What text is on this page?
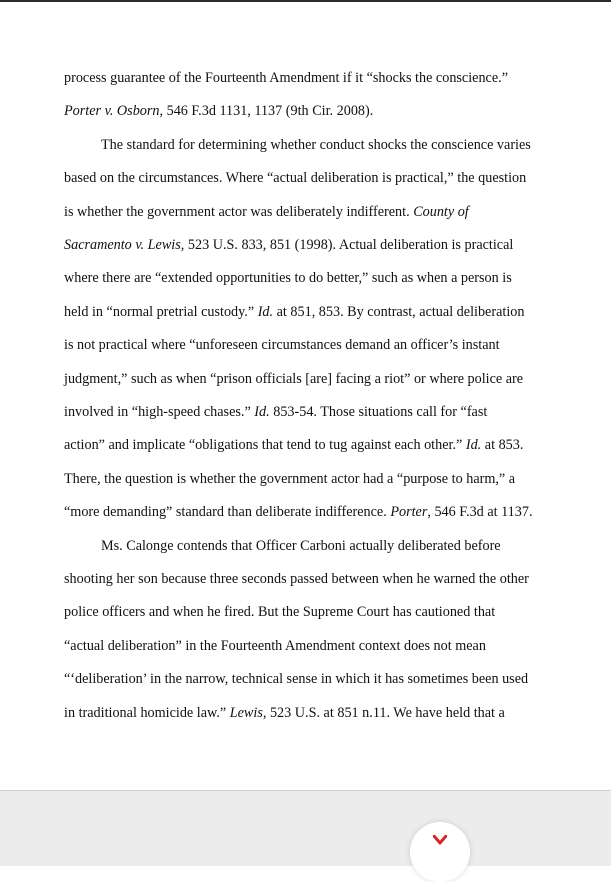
process guarantee of the Fourteenth Amendment if it “shocks the conscience.”

Porter v. Osborn, 546 F.3d 1131, 1137 (9th Cir. 2008).

The standard for determining whether conduct shocks the conscience varies

based on the circumstances. Where “actual deliberation is practical,” the question

is whether the government actor was deliberately indifferent. County of

Sacramento v. Lewis, 523 U.S. 833, 851 (1998). Actual deliberation is practical

where there are “extended opportunities to do better,” such as when a person is

held in “normal pretrial custody.” Id. at 851, 853. By contrast, actual deliberation

is not practical where “unforeseen circumstances demand an officer’s instant

judgment,” such as when “prison officials [are] facing a riot” or where police are

involved in “high-speed chases.” Id. 853-54. Those situations call for “fast

action” and implicate “obligations that tend to tug against each other.” Id. at 853.

There, the question is whether the government actor had a “purpose to harm,” a

“more demanding” standard than deliberate indifference. Porter, 546 F.3d at 1137.

Ms. Calonge contends that Officer Carboni actually deliberated before

shooting her son because three seconds passed between when he warned the other

police officers and when he fired. But the Supreme Court has cautioned that

“actual deliberation” in the Fourteenth Amendment context does not mean

“‘deliberation’ in the narrow, technical sense in which it has sometimes been used

in traditional homicide law.” Lewis, 523 U.S. at 851 n.11. We have held that a
